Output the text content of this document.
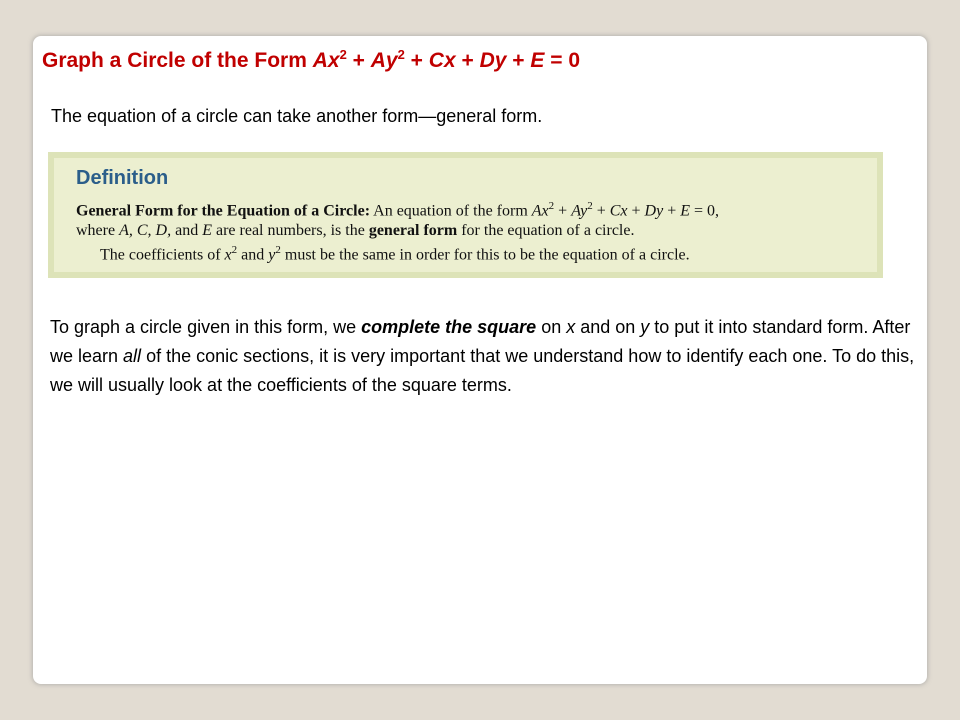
Graph a Circle of the Form $Ax^2 + Ay^2 + Cx + Dy + E = 0$

The equation of a circle can take another form—general form.

Definition
General Form for the Equation of a Circle: An equation of the form $Ax^2 + Ay^2 + Cx + Dy + E = 0$,
where A, C, D, and E are real numbers, is the general form for the equation of a circle.
The coefficients of $x^2$ and $y^2$ must be the same in order for this to be the equation of a circle.

To graph a circle given in this form, we complete the square on x and on y to put it into standard form. After we learn all of the conic sections, it is very important that we understand how to identify each one. To do this, we will usually look at the coefficients of the square terms.
